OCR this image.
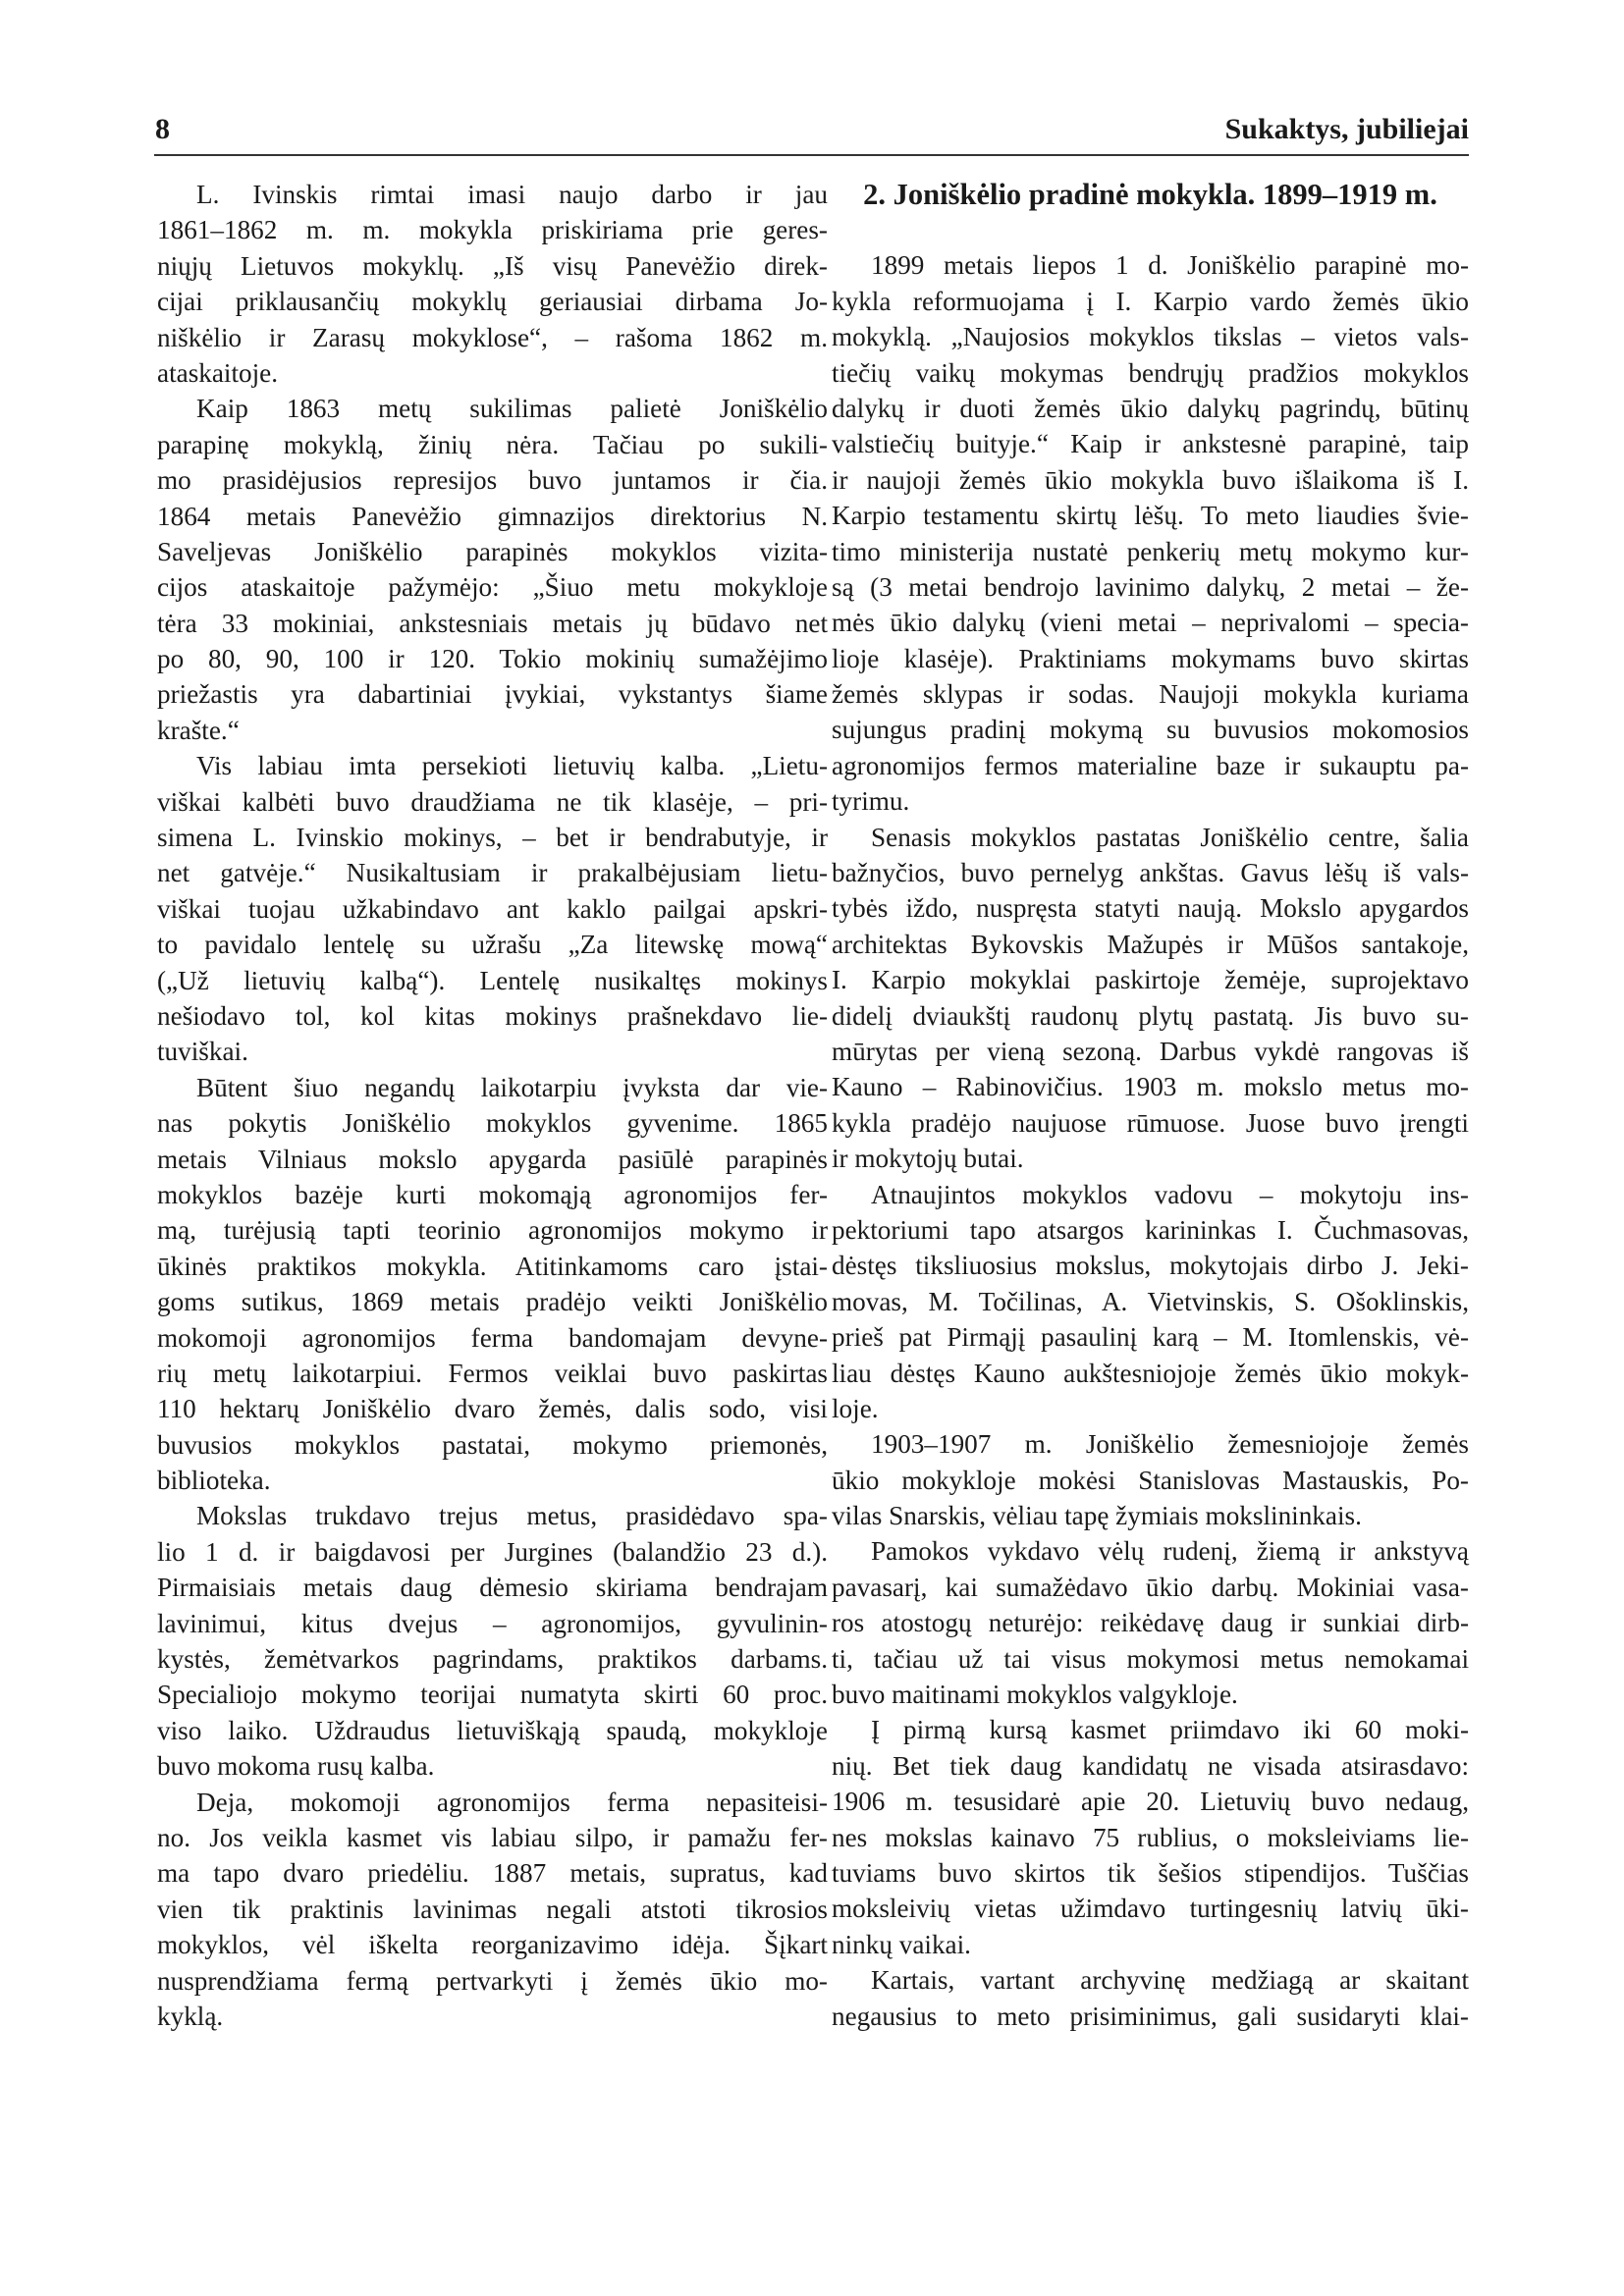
8	Sukaktys, jubiliejai
L. Ivinskis rimtai imasi naujo darbo ir jau
1861–1862 m. m. mokykla priskiriama prie geres-
niųjų Lietuvos mokyklų. „Iš visų Panevėžio direk-
cijai priklausančių mokyklų geriausiai dirbama Jo-
niškėlio ir Zarasų mokyklose“, – rašoma 1862 m.
ataskaitoje.
Kaip 1863 metų sukilimas palietė Joniškėlio
parapinę mokyklą, žinių nėra. Tačiau po sukili-
mo prasidėjusios represijos buvo juntamos ir čia.
1864 metais Panevėžio gimnazijos direktorius N.
Saveljevas Joniškėlio parapinės mokyklos vizita-
cijos ataskaitoje pažymėjo: „Šiuo metu mokykloje
tėra 33 mokiniai, ankstesniais metais jų būdavo net
po 80, 90, 100 ir 120. Tokio mokinių sumažėjimo
priežastis yra dabartiniai įvykiai, vykstantys šiame
krašte.“
Vis labiau imta persekioti lietuvių kalba. „Lietu-
viškai kalbėti buvo draudžiama ne tik klasėje, – pri-
simena L. Ivinskio mokinys, – bet ir bendrabutyje, ir
net gatvėje.“ Nusikaltusiam ir prakalbėjusiam lietu-
viškai tuojau užkabindavo ant kaklo pailgai apskri-
to pavidalo lentelę su užrašu „Za litewskę mową“
(„Už lietuvių kalbą“). Lentelę nusikaltęs mokinys
nešiodavo tol, kol kitas mokinys prašnekdavo lie-
tuviškai.
Būtent šiuo negandų laikotarpiu įvyksta dar vie-
nas pokytis Joniškėlio mokyklos gyvenime. 1865
metais Vilniaus mokslo apygarda pasiūlė parapinės
mokyklos bazėje kurti mokomąją agronomijos fer-
mą, turėjusią tapti teorinio agronomijos mokymo ir
ūkinės praktikos mokykla. Atitinkamoms caro įstai-
goms sutikus, 1869 metais pradėjo veikti Joniškėlio
mokomoji agronomijos ferma bandomajam devyne-
rių metų laikotarpiui. Fermos veiklai buvo paskirtas
110 hektarų Joniškėlio dvaro žemės, dalis sodo, visi
buvusios mokyklos pastatai, mokymo priemonės,
biblioteka.
Mokslas trukdavo trejus metus, prasidėdavo spa-
lio 1 d. ir baigdavosi per Jurgines (balandžio 23 d.).
Pirmaisiais metais daug dėmesio skiriama bendrajam
lavinimui, kitus dvejus – agronomijos, gyvulinin-
kystės, žemėtvarkos pagrindams, praktikos darbams.
Specialiojo mokymo teorijai numatyta skirti 60 proc.
viso laiko. Uždraudus lietuviškąją spaudą, mokykloje
buvo mokoma rusų kalba.
Deja, mokomoji agronomijos ferma nepasiteisi-
no. Jos veikla kasmet vis labiau silpo, ir pamažu fer-
ma tapo dvaro priedėliu. 1887 metais, supratus, kad
vien tik praktinis lavinimas negali atstoti tikrosios
mokyklos, vėl iškelta reorganizavimo idėja. Šįkart
nusprendžiama fermą pertvarkyti į žemės ūkio mo-
kyklą.
2. Joniškėlio pradinė mokykla. 1899–1919 m.
1899 metais liepos 1 d. Joniškėlio parapinė mo-
kykla reformuojama į I. Karpio vardo žemės ūkio
mokyklą. „Naujosios mokyklos tikslas – vietos vals-
tiečių vaikų mokymas bendrųjų pradžios mokyklos
dalykų ir duoti žemės ūkio dalykų pagrindų, būtinų
valstiečių buityje.“ Kaip ir ankstesnė parapinė, taip
ir naujoji žemės ūkio mokykla buvo išlaikoma iš I.
Karpio testamentu skirtų lėšų. To meto liaudies švie-
timo ministerija nustatė penkerių metų mokymo kur-
są (3 metai bendrojo lavinimo dalykų, 2 metai – že-
mės ūkio dalykų (vieni metai – neprivalomi – specia-
lioje klasėje). Praktiniams mokymams buvo skirtas
žemės sklypas ir sodas. Naujoji mokykla kuriama
sujungus pradinį mokymą su buvusios mokomosios
agronomijos fermos materialine baze ir sukauptu pa-
tyrimu.
Senasis mokyklos pastatas Joniškėlio centre, šalia
bažnyčios, buvo pernelyg ankštas. Gavus lėšų iš vals-
tybės iždo, nuspręsta statyti naują. Mokslo apygardos
architektas Bykovskis Mažupės ir Mūšos santakoje,
I. Karpio mokyklai paskirtoje žemėje, suprojektavo
didelį dviaukštį raudonų plytų pastatą. Jis buvo su-
mūrytas per vieną sezoną. Darbus vykdė rangovas iš
Kauno – Rabinovičius. 1903 m. mokslo metus mo-
kykla pradėjo naujuose rūmuose. Juose buvo įrengti
ir mokytojų butai.
Atnaujintos mokyklos vadovu – mokytoju ins-
pektoriumi tapo atsargos karininkas I. Čuchmasovas,
dėstęs tiksliuosius mokslus, mokytojais dirbo J. Jeki-
movas, M. Točilinas, A. Vietvinskis, S. Ošoklinskis,
prieš pat Pirmąjį pasaulinį karą – M. Itomlenskis, vė-
liau dėstęs Kauno aukštesniojoje žemės ūkio mokyk-
loje.
1903–1907 m. Joniškėlio žemesniojoje žemės
ūkio mokykloje mokėsi Stanislovas Mastauskis, Po-
vilas Snarskis, vėliau tapę žymiais mokslininkais.
Pamokos vykdavo vėlų rudenį, žiemą ir ankstyvą
pavasarį, kai sumažėdavo ūkio darbų. Mokiniai vasa-
ros atostogų neturėjo: reikėdavę daug ir sunkiai dirb-
ti, tačiau už tai visus mokymosi metus nemokamai
buvo maitinami mokyklos valgykloje.
Į pirmą kursą kasmet priimdavo iki 60 moki-
nių. Bet tiek daug kandidatų ne visada atsirasdavo:
1906 m. tesusidarė apie 20. Lietuvių buvo nedaug,
nes mokslas kainavo 75 rublius, o moksleiviams lie-
tuviams buvo skirtos tik šešios stipendijos. Tuščias
moksleivių vietas užimdavo turtingesnių latvių ūki-
ninkų vaikai.
Kartais, vartant archyvinę medžiagą ar skaitant
negausius to meto prisiminimus, gali susidaryti klai-
